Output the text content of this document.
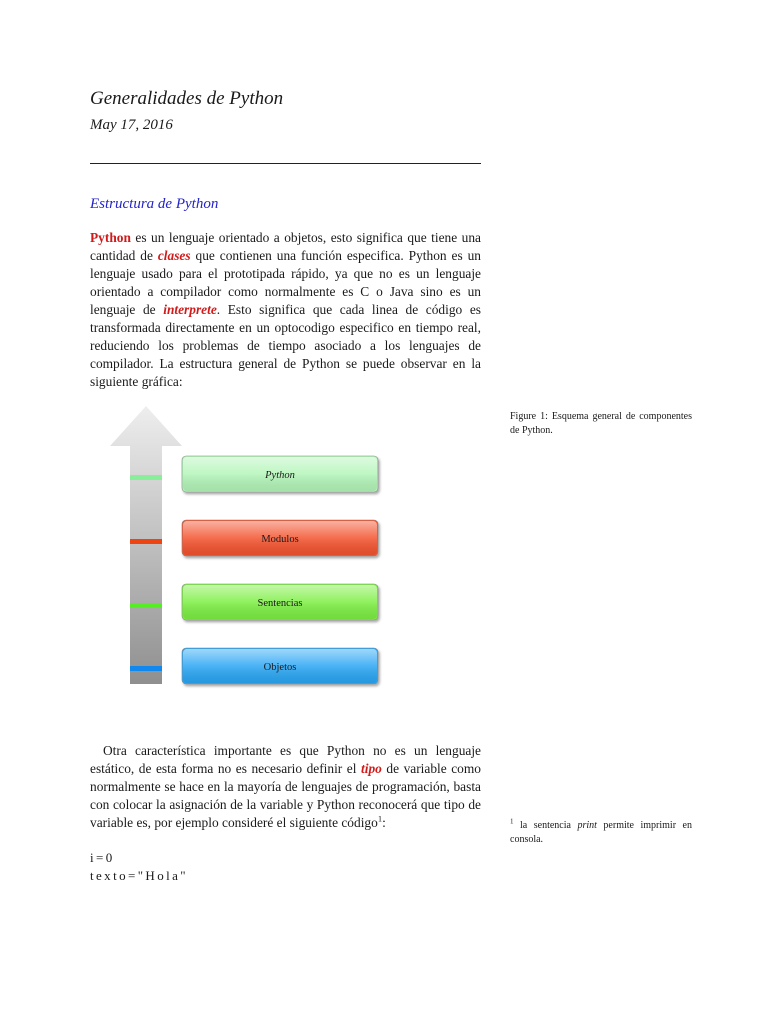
Generalidades de Python
May 17, 2016
Estructura de Python
Python es un lenguaje orientado a objetos, esto significa que tiene una cantidad de clases que contienen una función especifica. Python es un lenguaje usado para el prototipada rápido, ya que no es un lenguaje orientado a compilador como normalmente es C o Java sino es un lenguaje de interprete. Esto significa que cada linea de código es transformada directamente en un optocodigo especifico en tiempo real, reduciendo los problemas de tiempo asociado a los lenguajes de compilador. La estructura general de Python se puede observar en la siguiente gráfica:
Python
Modulos
Sentencias
Objetos
Figure 1: Esquema general de componentes de Python.
Otra característica importante es que Python no es un lenguaje estático, de esta forma no es necesario definir el tipo de variable como normalmente se hace en la mayoría de lenguajes de programación, basta con colocar la asignación de la variable y Python reconocerá que tipo de variable es, por ejemplo consideré el siguiente código$^1$:	$^1$ la sentencia print permite imprimir en consola.
i=0
texto="Hola"
